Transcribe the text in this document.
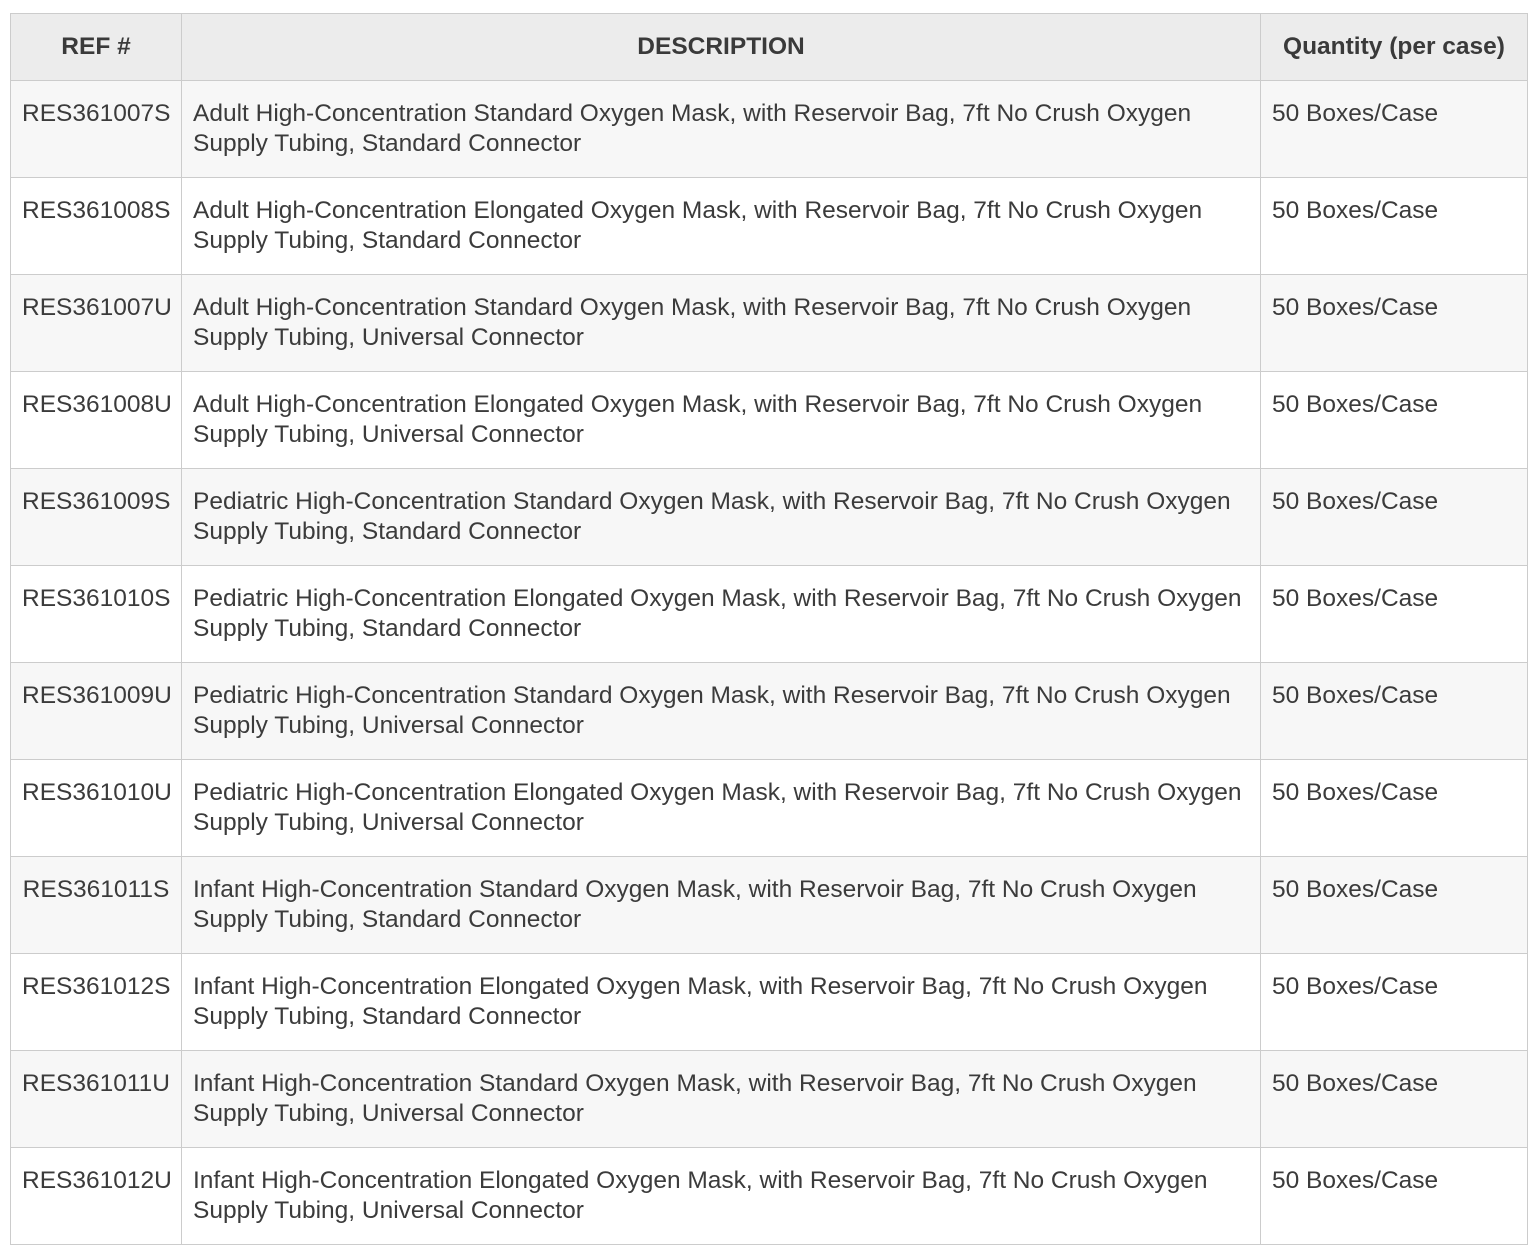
REF #	DESCRIPTION	Quantity (per case)
RES361007S	Adult High-Concentration Standard Oxygen Mask, with Reservoir Bag, 7ft No Crush Oxygen Supply Tubing, Standard Connector	50 Boxes/Case
RES361008S	Adult High-Concentration Elongated Oxygen Mask, with Reservoir Bag, 7ft No Crush Oxygen Supply Tubing, Standard Connector	50 Boxes/Case
RES361007U	Adult High-Concentration Standard Oxygen Mask, with Reservoir Bag, 7ft No Crush Oxygen Supply Tubing, Universal Connector	50 Boxes/Case
RES361008U	Adult High-Concentration Elongated Oxygen Mask, with Reservoir Bag, 7ft No Crush Oxygen Supply Tubing, Universal Connector	50 Boxes/Case
RES361009S	Pediatric High-Concentration Standard Oxygen Mask, with Reservoir Bag, 7ft No Crush Oxygen Supply Tubing, Standard Connector	50 Boxes/Case
RES361010S	Pediatric High-Concentration Elongated Oxygen Mask, with Reservoir Bag, 7ft No Crush Oxygen Supply Tubing, Standard Connector	50 Boxes/Case
RES361009U	Pediatric High-Concentration Standard Oxygen Mask, with Reservoir Bag, 7ft No Crush Oxygen Supply Tubing, Universal Connector	50 Boxes/Case
RES361010U	Pediatric High-Concentration Elongated Oxygen Mask, with Reservoir Bag, 7ft No Crush Oxygen Supply Tubing, Universal Connector	50 Boxes/Case
RES361011S	Infant High-Concentration Standard Oxygen Mask, with Reservoir Bag, 7ft No Crush Oxygen Supply Tubing, Standard Connector	50 Boxes/Case
RES361012S	Infant High-Concentration Elongated Oxygen Mask, with Reservoir Bag, 7ft No Crush Oxygen Supply Tubing, Standard Connector	50 Boxes/Case
RES361011U	Infant High-Concentration Standard Oxygen Mask, with Reservoir Bag, 7ft No Crush Oxygen Supply Tubing, Universal Connector	50 Boxes/Case
RES361012U	Infant High-Concentration Elongated Oxygen Mask, with Reservoir Bag, 7ft No Crush Oxygen Supply Tubing, Universal Connector	50 Boxes/Case
